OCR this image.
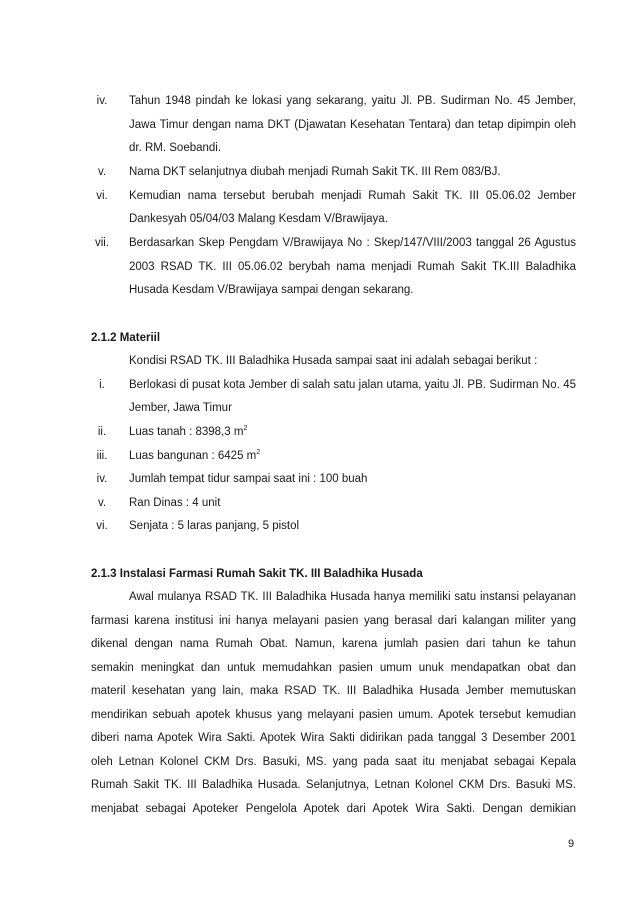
iv.	Tahun 1948 pindah ke lokasi yang sekarang, yaitu Jl. PB. Sudirman No. 45 Jember,
Jawa Timur dengan nama DKT (Djawatan Kesehatan Tentara) dan tetap dipimpin oleh
dr. RM. Soebandi.
v.	Nama DKT selanjutnya diubah menjadi Rumah Sakit TK. III Rem 083/BJ.
vi.	Kemudian nama tersebut berubah menjadi Rumah Sakit TK. III 05.06.02 Jember
Dankesyah 05/04/03 Malang Kesdam V/Brawijaya.
vii.	Berdasarkan Skep Pengdam V/Brawijaya No : Skep/147/VIII/2003 tanggal 26 Agustus
2003 RSAD TK. III 05.06.02 berybah nama menjadi Rumah Sakit TK.III Baladhika
Husada Kesdam V/Brawijaya sampai dengan sekarang.
2.1.2 Materiil
Kondisi RSAD TK. III Baladhika Husada sampai saat ini adalah sebagai berikut :
i.	Berlokasi di pusat kota Jember di salah satu jalan utama, yaitu Jl. PB. Sudirman No. 45
Jember, Jawa Timur
ii.	Luas tanah : 8398,3 $m^2$
iii.	Luas bangunan : 6425 $m^2$
iv.	Jumlah tempat tidur sampai saat ini : 100 buah
v.	Ran Dinas : 4 unit
vi.	Senjata : 5 laras panjang, 5 pistol
2.1.3 Instalasi Farmasi Rumah Sakit TK. III Baladhika Husada
Awal mulanya RSAD TK. III Baladhika Husada hanya memiliki satu instansi pelayanan
farmasi karena institusi ini hanya melayani pasien yang berasal dari kalangan militer yang
dikenal dengan nama Rumah Obat. Namun, karena jumlah pasien dari tahun ke tahun
semakin meningkat dan untuk memudahkan pasien umum unuk mendapatkan obat dan
materil kesehatan yang lain, maka RSAD TK. III Baladhika Husada Jember memutuskan
mendirikan sebuah apotek khusus yang melayani pasien umum. Apotek tersebut kemudian
diberi nama Apotek Wira Sakti. Apotek Wira Sakti didirikan pada tanggal 3 Desember 2001
oleh Letnan Kolonel CKM Drs. Basuki, MS. yang pada saat itu menjabat sebagai Kepala
Rumah Sakit TK. III Baladhika Husada. Selanjutnya, Letnan Kolonel CKM Drs. Basuki MS.
menjabat sebagai Apoteker Pengelola Apotek dari Apotek Wira Sakti. Dengan demikian
9
